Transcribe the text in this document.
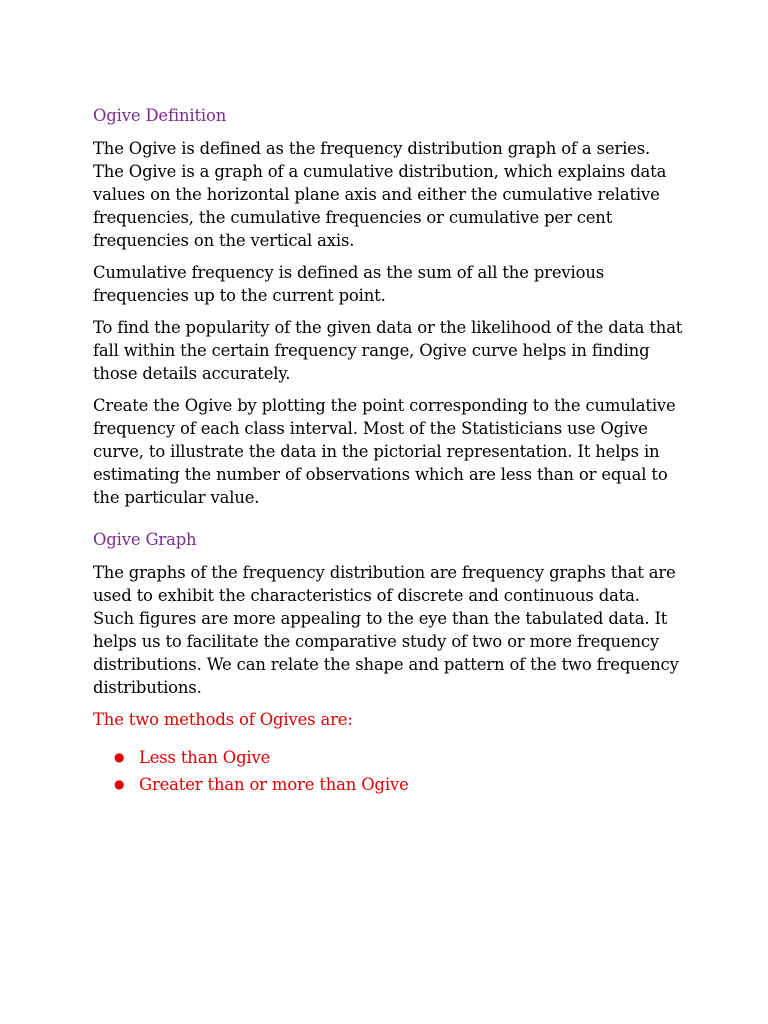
Ogive Definition

The Ogive is defined as the frequency distribution graph of a series. The Ogive is a graph of a cumulative distribution, which explains data values on the horizontal plane axis and either the cumulative relative frequencies, the cumulative frequencies or cumulative per cent frequencies on the vertical axis.

Cumulative frequency is defined as the sum of all the previous frequencies up to the current point.

To find the popularity of the given data or the likelihood of the data that fall within the certain frequency range, Ogive curve helps in finding those details accurately.

Create the Ogive by plotting the point corresponding to the cumulative frequency of each class interval. Most of the Statisticians use Ogive curve, to illustrate the data in the pictorial representation. It helps in estimating the number of observations which are less than or equal to the particular value.

Ogive Graph

The graphs of the frequency distribution are frequency graphs that are used to exhibit the characteristics of discrete and continuous data. Such figures are more appealing to the eye than the tabulated data. It helps us to facilitate the comparative study of two or more frequency distributions. We can relate the shape and pattern of the two frequency distributions.

The two methods of Ogives are:

● Less than Ogive
● Greater than or more than Ogive
